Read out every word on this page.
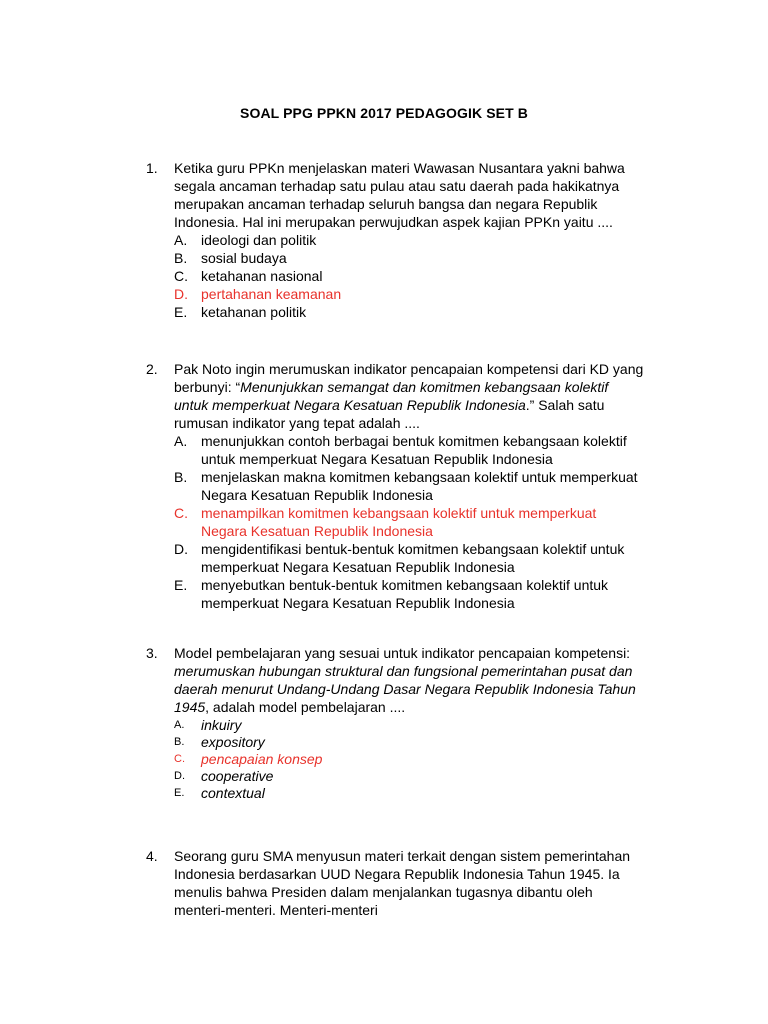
SOAL PPG PPKN 2017 PEDAGOGIK SET B
1.	Ketika guru PPKn menjelaskan materi Wawasan Nusantara yakni bahwa segala ancaman terhadap satu pulau atau satu daerah pada hakikatnya merupakan ancaman terhadap seluruh bangsa dan negara Republik Indonesia. Hal ini merupakan perwujudkan aspek kajian PPKn yaitu ....
A. ideologi dan politik
B. sosial budaya
C. ketahanan nasional
D. pertahanan keamanan
E. ketahanan politik
2.	Pak Noto ingin merumuskan indikator pencapaian kompetensi dari KD yang berbunyi: “Menunjukkan semangat dan komitmen kebangsaan kolektif untuk memperkuat Negara Kesatuan Republik Indonesia.” Salah satu rumusan indikator yang tepat adalah ....
A. menunjukkan contoh berbagai bentuk komitmen kebangsaan kolektif untuk memperkuat Negara Kesatuan Republik Indonesia
B. menjelaskan makna komitmen kebangsaan kolektif untuk memperkuat Negara Kesatuan Republik Indonesia
C. menampilkan komitmen kebangsaan kolektif untuk memperkuat Negara Kesatuan Republik Indonesia
D. mengidentifikasi bentuk-bentuk komitmen kebangsaan kolektif untuk memperkuat Negara Kesatuan Republik Indonesia
E. menyebutkan bentuk-bentuk komitmen kebangsaan kolektif untuk memperkuat Negara Kesatuan Republik Indonesia
3.	Model pembelajaran yang sesuai untuk indikator pencapaian kompetensi: merumuskan hubungan struktural dan fungsional pemerintahan pusat dan daerah menurut Undang-Undang Dasar Negara Republik Indonesia Tahun 1945, adalah model pembelajaran ....
A. inkuiry
B. expository
C. pencapaian konsep
D. cooperative
E. contextual
4.	Seorang guru SMA menyusun materi terkait dengan sistem pemerintahan Indonesia berdasarkan UUD Negara Republik Indonesia Tahun 1945. Ia menulis bahwa Presiden dalam menjalankan tugasnya dibantu oleh menteri-menteri. Menteri-menteri
